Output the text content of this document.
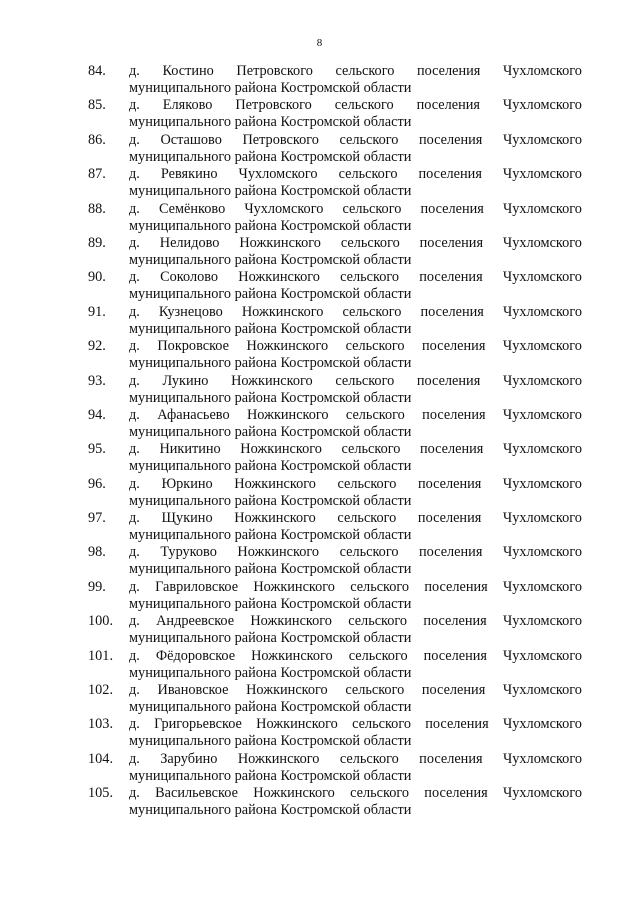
8
84.	д. Костино Петровского сельского поселения Чухломского
муниципального района Костромской области
85.	д. Еляково Петровского сельского поселения Чухломского
муниципального района Костромской области
86.	д. Осташово Петровского сельского поселения Чухломского
муниципального района Костромской области
87.	д. Ревякино Чухломского сельского поселения Чухломского
муниципального района Костромской области
88.	д. Семёнково Чухломского сельского поселения Чухломского
муниципального района Костромской области
89.	д. Нелидово Ножкинского сельского поселения Чухломского
муниципального района Костромской области
90.	д. Соколово Ножкинского сельского поселения Чухломского
муниципального района Костромской области
91.	д. Кузнецово Ножкинского сельского поселения Чухломского
муниципального района Костромской области
92.	д. Покровское Ножкинского сельского поселения Чухломского
муниципального района Костромской области
93.	д. Лукино Ножкинского сельского поселения Чухломского
муниципального района Костромской области
94.	д. Афанасьево Ножкинского сельского поселения Чухломского
муниципального района Костромской области
95.	д. Никитино Ножкинского сельского поселения Чухломского
муниципального района Костромской области
96.	д. Юркино Ножкинского сельского поселения Чухломского
муниципального района Костромской области
97.	д. Щукино Ножкинского сельского поселения Чухломского
муниципального района Костромской области
98.	д. Туруково Ножкинского сельского поселения Чухломского
муниципального района Костромской области
99.	д. Гавриловское Ножкинского сельского поселения Чухломского
муниципального района Костромской области
100.	д. Андреевское Ножкинского сельского поселения Чухломского
муниципального района Костромской области
101.	д. Фёдоровское Ножкинского сельского поселения Чухломского
муниципального района Костромской области
102.	д. Ивановское Ножкинского сельского поселения Чухломского
муниципального района Костромской области
103.	д. Григорьевское Ножкинского сельского поселения Чухломского
муниципального района Костромской области
104.	д. Зарубино Ножкинского сельского поселения Чухломского
муниципального района Костромской области
105.	д. Васильевское Ножкинского сельского поселения Чухломского
муниципального района Костромской области
